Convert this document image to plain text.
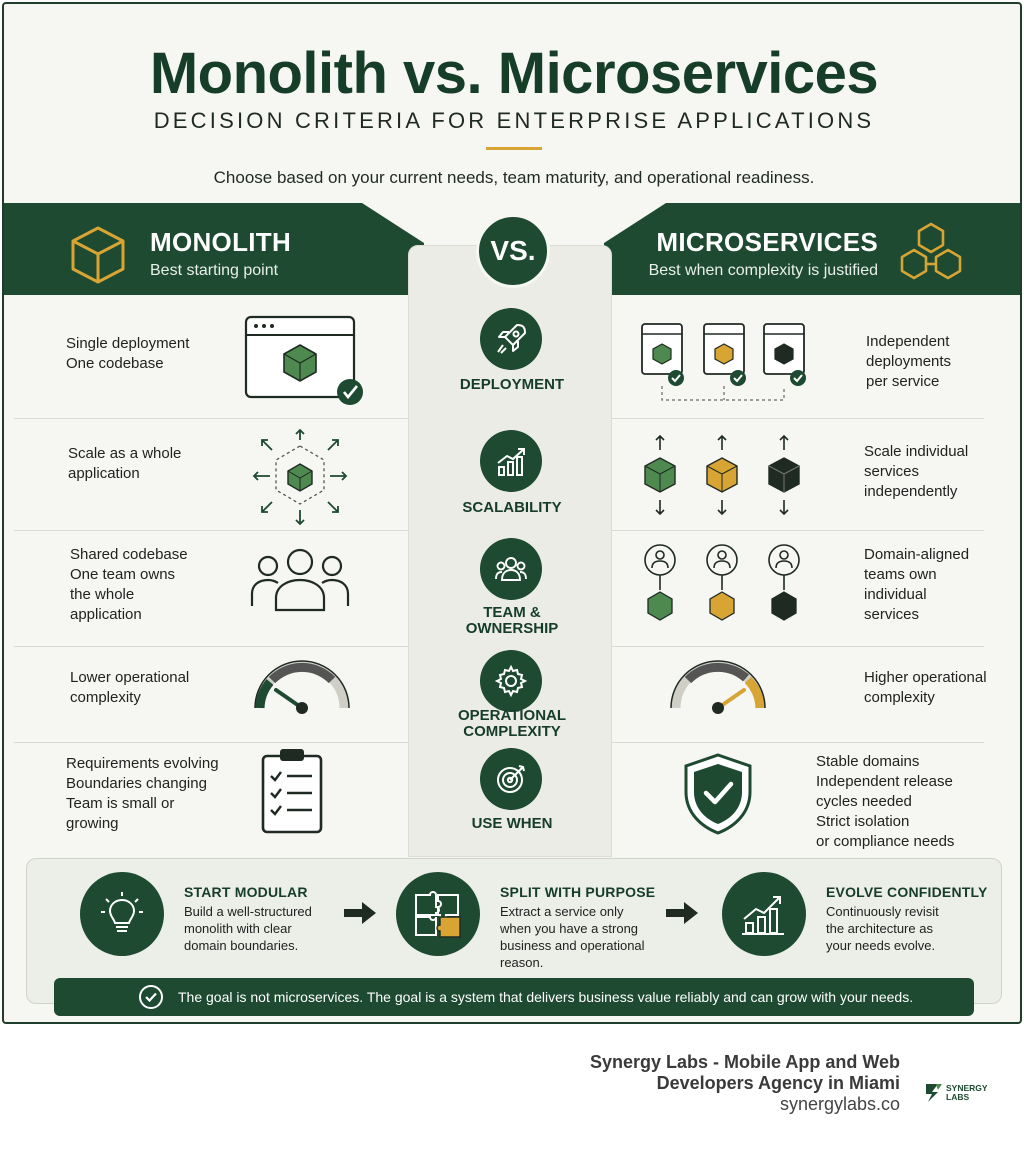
Monolith vs. Microservices
DECISION CRITERIA FOR ENTERPRISE APPLICATIONS
Choose based on your current needs, team maturity, and operational readiness.
MONOLITH
Best starting point
MICROSERVICES
Best when complexity is justified
VS.
Single deployment
One codebase
DEPLOYMENT
Independent
deployments
per service
Scale as a whole
application
SCALABILITY
Scale individual
services
independently
Shared codebase
One team owns
the whole
application	TEAM &
OWNERSHIP
Domain-aligned
teams own
individual
services
Lower operational
complexity
OPERATIONAL
COMPLEXITY
Higher operational
complexity
Requirements evolving
Boundaries changing
Team is small or
growing	USE WHEN
Stable domains
Independent release
cycles needed
Strict isolation
or compliance needs
START MODULAR
Build a well-structured
monolith with clear
domain boundaries.
SPLIT WITH PURPOSE
Extract a service only
when you have a strong
business and operational
reason.
EVOLVE CONFIDENTLY
Continuously revisit
the architecture as
your needs evolve.
The goal is not microservices. The goal is a system that delivers business value reliably and can grow with your needs.
Synergy Labs - Mobile App and Web
Developers Agency in Miami
synergylabs.co
SYNERGY
LABS
